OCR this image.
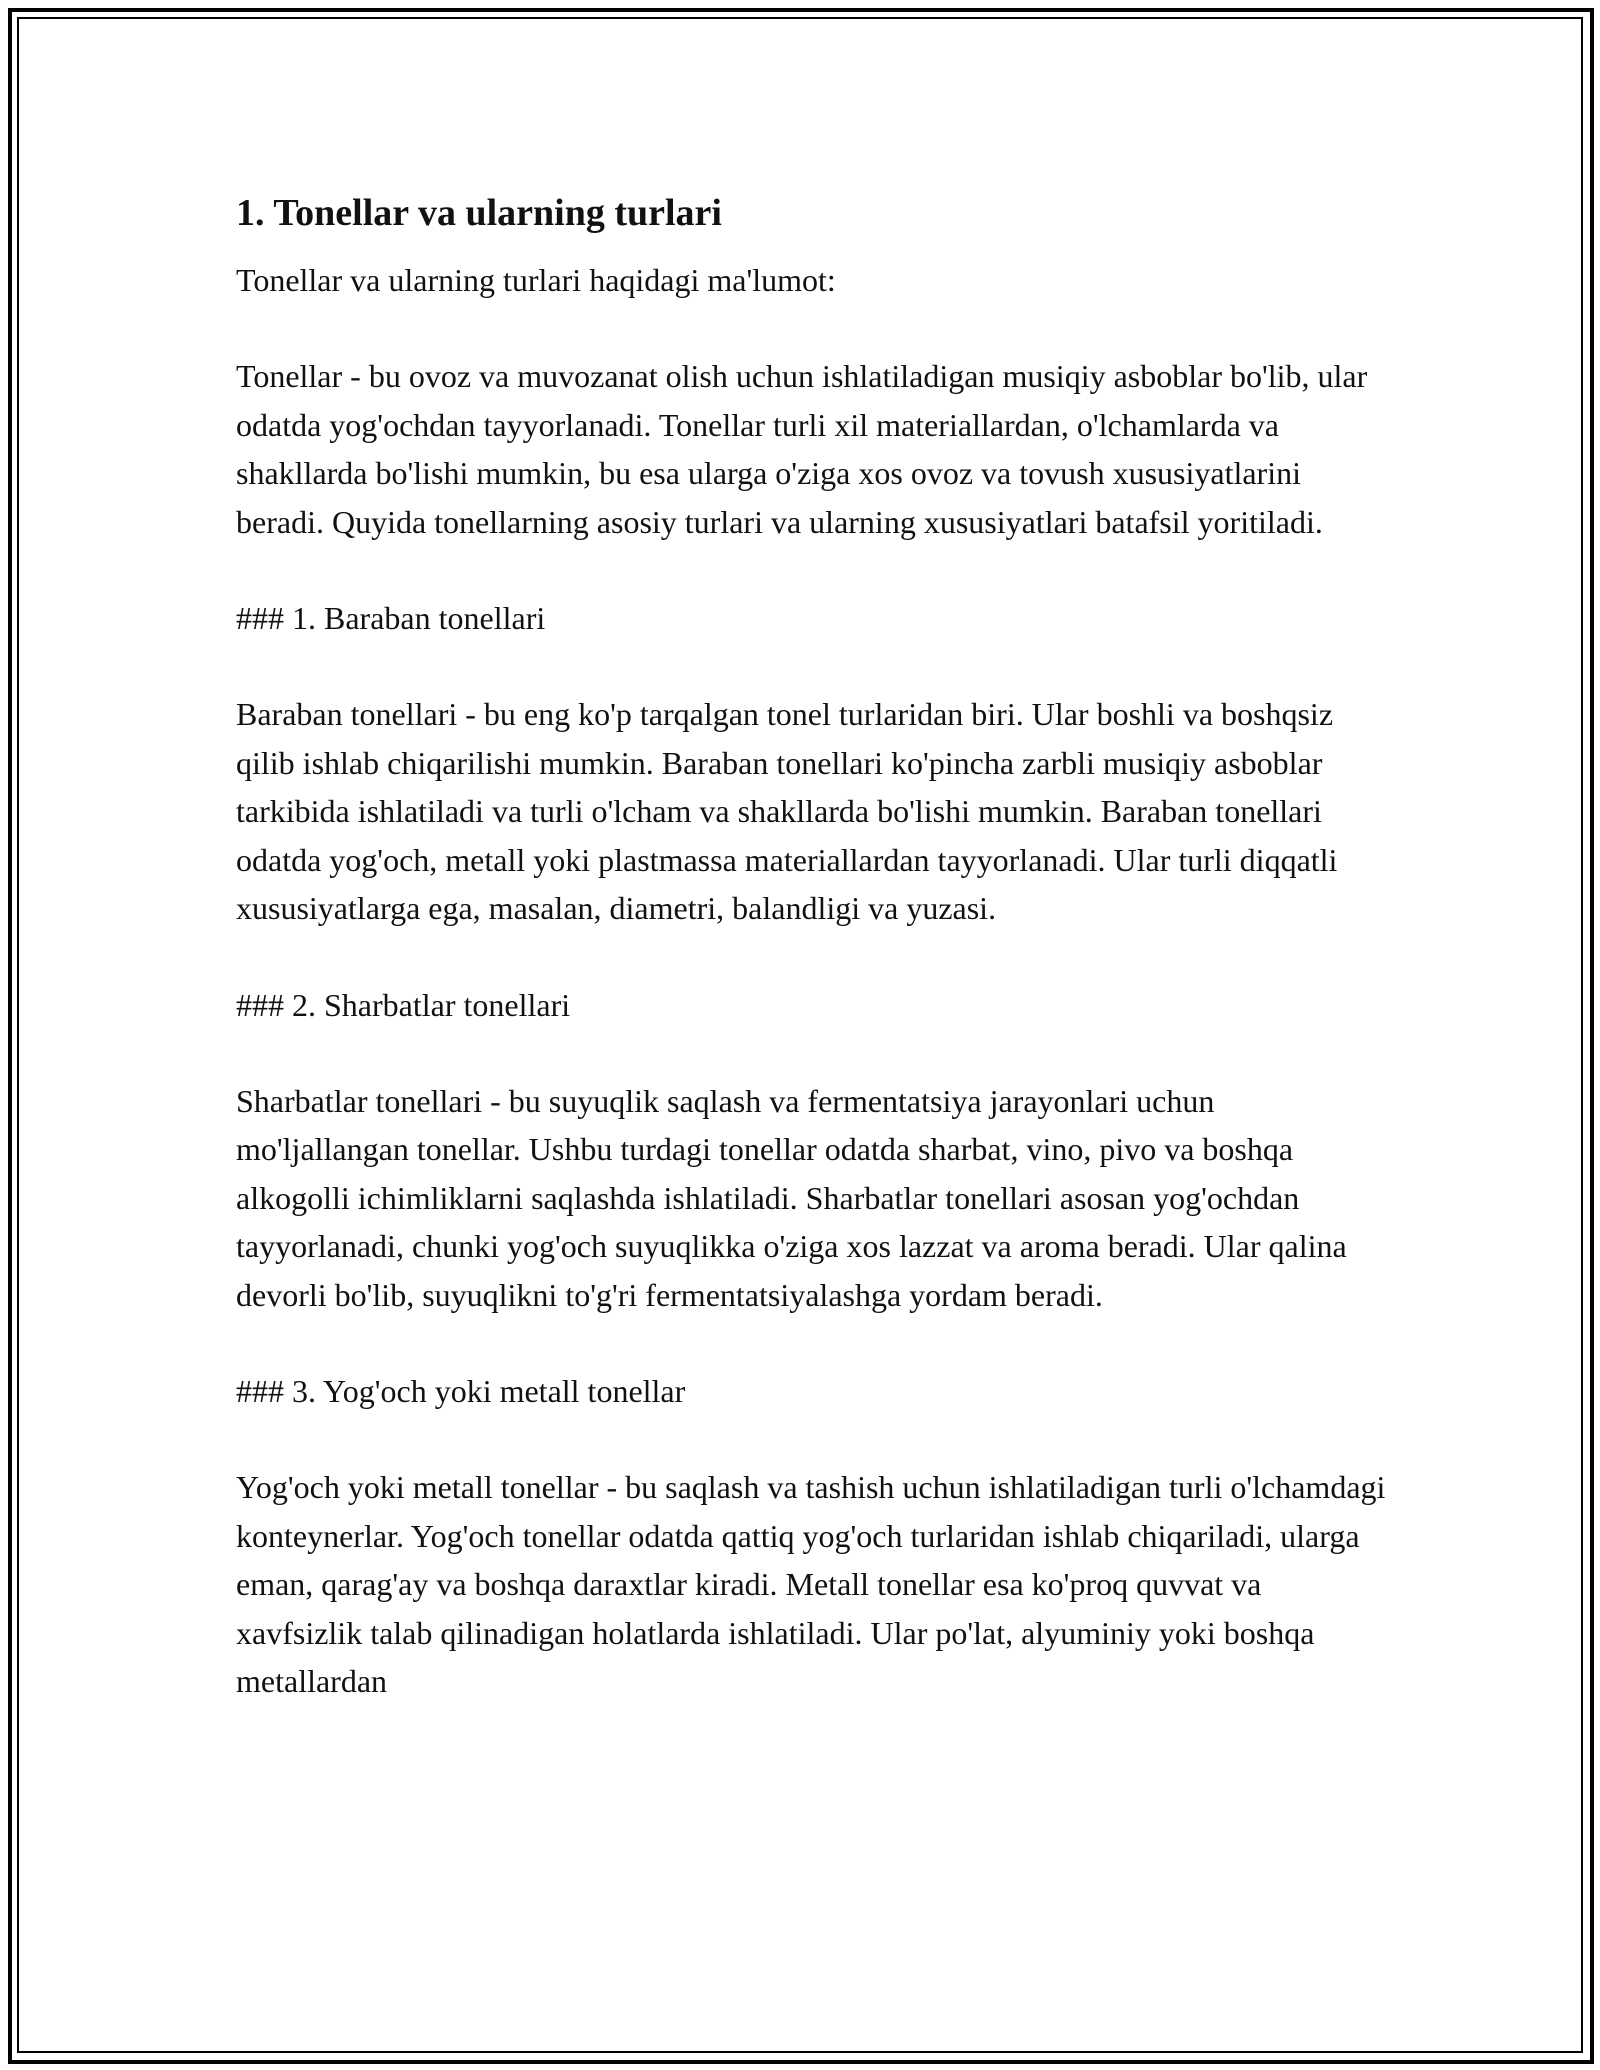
1. Tonellar va ularning turlari

Tonellar va ularning turlari haqidagi ma'lumot:

Tonellar - bu ovoz va muvozanat olish uchun ishlatiladigan musiqiy asboblar bo'lib, ular odatda yog'ochdan tayyorlanadi. Tonellar turli xil materiallardan, o'lchamlarda va shakllarda bo'lishi mumkin, bu esa ularga o'ziga xos ovoz va tovush xususiyatlarini beradi. Quyida tonellarning asosiy turlari va ularning xususiyatlari batafsil yoritiladi.

### 1. Baraban tonellari

Baraban tonellari - bu eng ko'p tarqalgan tonel turlaridan biri. Ular boshli va boshqsiz qilib ishlab chiqarilishi mumkin. Baraban tonellari ko'pincha zarbli musiqiy asboblar tarkibida ishlatiladi va turli o'lcham va shakllarda bo'lishi mumkin. Baraban tonellari odatda yog'och, metall yoki plastmassa materiallardan tayyorlanadi. Ular turli diqqatli xususiyatlarga ega, masalan, diametri, balandligi va yuzasi.

### 2. Sharbatlar tonellari

Sharbatlar tonellari - bu suyuqlik saqlash va fermentatsiya jarayonlari uchun mo'ljallangan tonellar. Ushbu turdagi tonellar odatda sharbat, vino, pivo va boshqa alkogolli ichimliklarni saqlashda ishlatiladi. Sharbatlar tonellari asosan yog'ochdan tayyorlanadi, chunki yog'och suyuqlikka o'ziga xos lazzat va aroma beradi. Ular qalina devorli bo'lib, suyuqlikni to'g'ri fermentatsiyalashga yordam beradi.

### 3. Yog'och yoki metall tonellar

Yog'och yoki metall tonellar - bu saqlash va tashish uchun ishlatiladigan turli o'lchamdagi konteynerlar. Yog'och tonellar odatda qattiq yog'och turlaridan ishlab chiqariladi, ularga eman, qarag'ay va boshqa daraxtlar kiradi. Metall tonellar esa ko'proq quvvat va xavfsizlik talab qilinadigan holatlarda ishlatiladi. Ular po'lat, alyuminiy yoki boshqa metallardan
